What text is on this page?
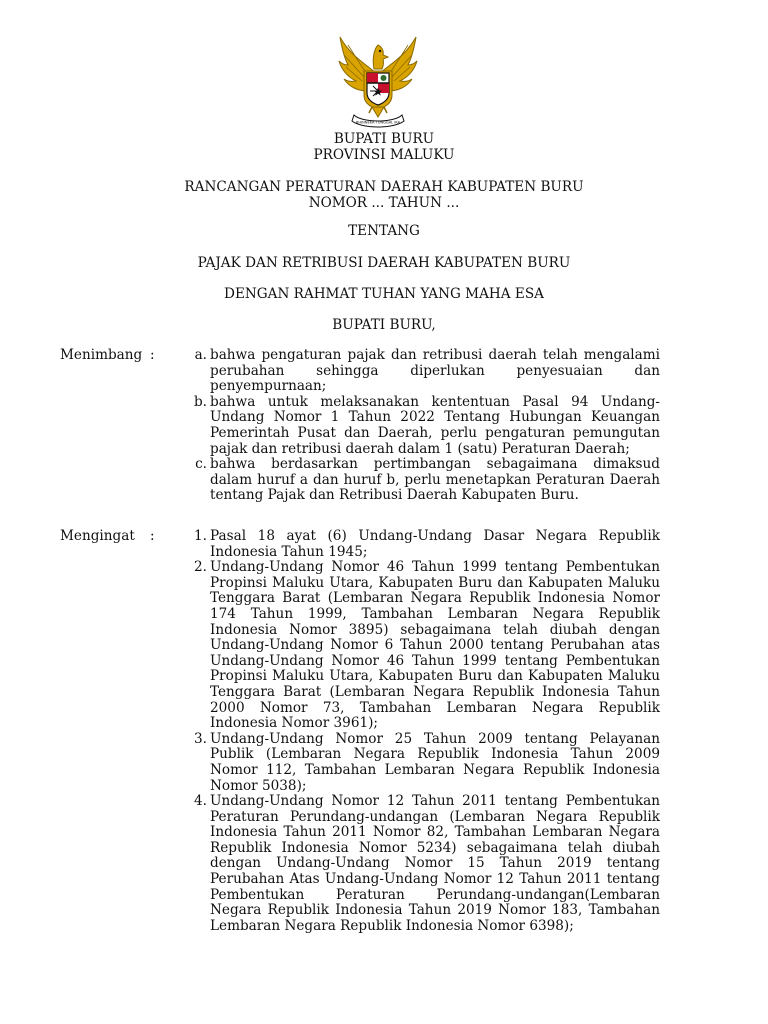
BHINNEKA TUNGGAL IKA
BUPATI BURU
PROVINSI MALUKU
RANCANGAN PERATURAN DAERAH KABUPATEN BURU
NOMOR ... TAHUN ...
TENTANG
PAJAK DAN RETRIBUSI DAERAH KABUPATEN BURU
DENGAN RAHMAT TUHAN YANG MAHA ESA
BUPATI BURU,
Menimbang :	a. bahwa pengaturan pajak dan retribusi daerah telah mengalami perubahan sehingga diperlukan penyesuaian dan penyempurnaan;
b. bahwa untuk melaksanakan kententuan Pasal 94 Undang-Undang Nomor 1 Tahun 2022 Tentang Hubungan Keuangan Pemerintah Pusat dan Daerah, perlu pengaturan pemungutan pajak dan retribusi daerah dalam 1 (satu) Peraturan Daerah;
c. bahwa berdasarkan pertimbangan sebagaimana dimaksud dalam huruf a dan huruf b, perlu menetapkan Peraturan Daerah tentang Pajak dan Retribusi Daerah Kabupaten Buru.
Mengingat	:	1. Pasal 18 ayat (6) Undang-Undang Dasar Negara Republik Indonesia Tahun 1945;
2. Undang-Undang Nomor 46 Tahun 1999 tentang Pembentukan Propinsi Maluku Utara, Kabupaten Buru dan Kabupaten Maluku Tenggara Barat (Lembaran Negara Republik Indonesia Nomor 174 Tahun 1999, Tambahan Lembaran Negara Republik Indonesia Nomor 3895) sebagaimana telah diubah dengan Undang-Undang Nomor 6 Tahun 2000 tentang Perubahan atas Undang-Undang Nomor 46 Tahun 1999 tentang Pembentukan Propinsi Maluku Utara, Kabupaten Buru dan Kabupaten Maluku Tenggara Barat (Lembaran Negara Republik Indonesia Tahun 2000 Nomor 73, Tambahan Lembaran Negara Republik Indonesia Nomor 3961);
3. Undang-Undang Nomor 25 Tahun 2009 tentang Pelayanan Publik (Lembaran Negara Republik Indonesia Tahun 2009 Nomor 112, Tambahan Lembaran Negara Republik Indonesia Nomor 5038);
4. Undang-Undang Nomor 12 Tahun 2011 tentang Pembentukan Peraturan Perundang-undangan (Lembaran Negara Republik Indonesia Tahun 2011 Nomor 82, Tambahan Lembaran Negara Republik Indonesia Nomor 5234) sebagaimana telah diubah dengan Undang-Undang Nomor 15 Tahun 2019 tentang Perubahan Atas Undang-Undang Nomor 12 Tahun 2011 tentang Pembentukan Peraturan Perundang-undangan(Lembaran Negara Republik Indonesia Tahun 2019 Nomor 183, Tambahan Lembaran Negara Republik Indonesia Nomor 6398);
